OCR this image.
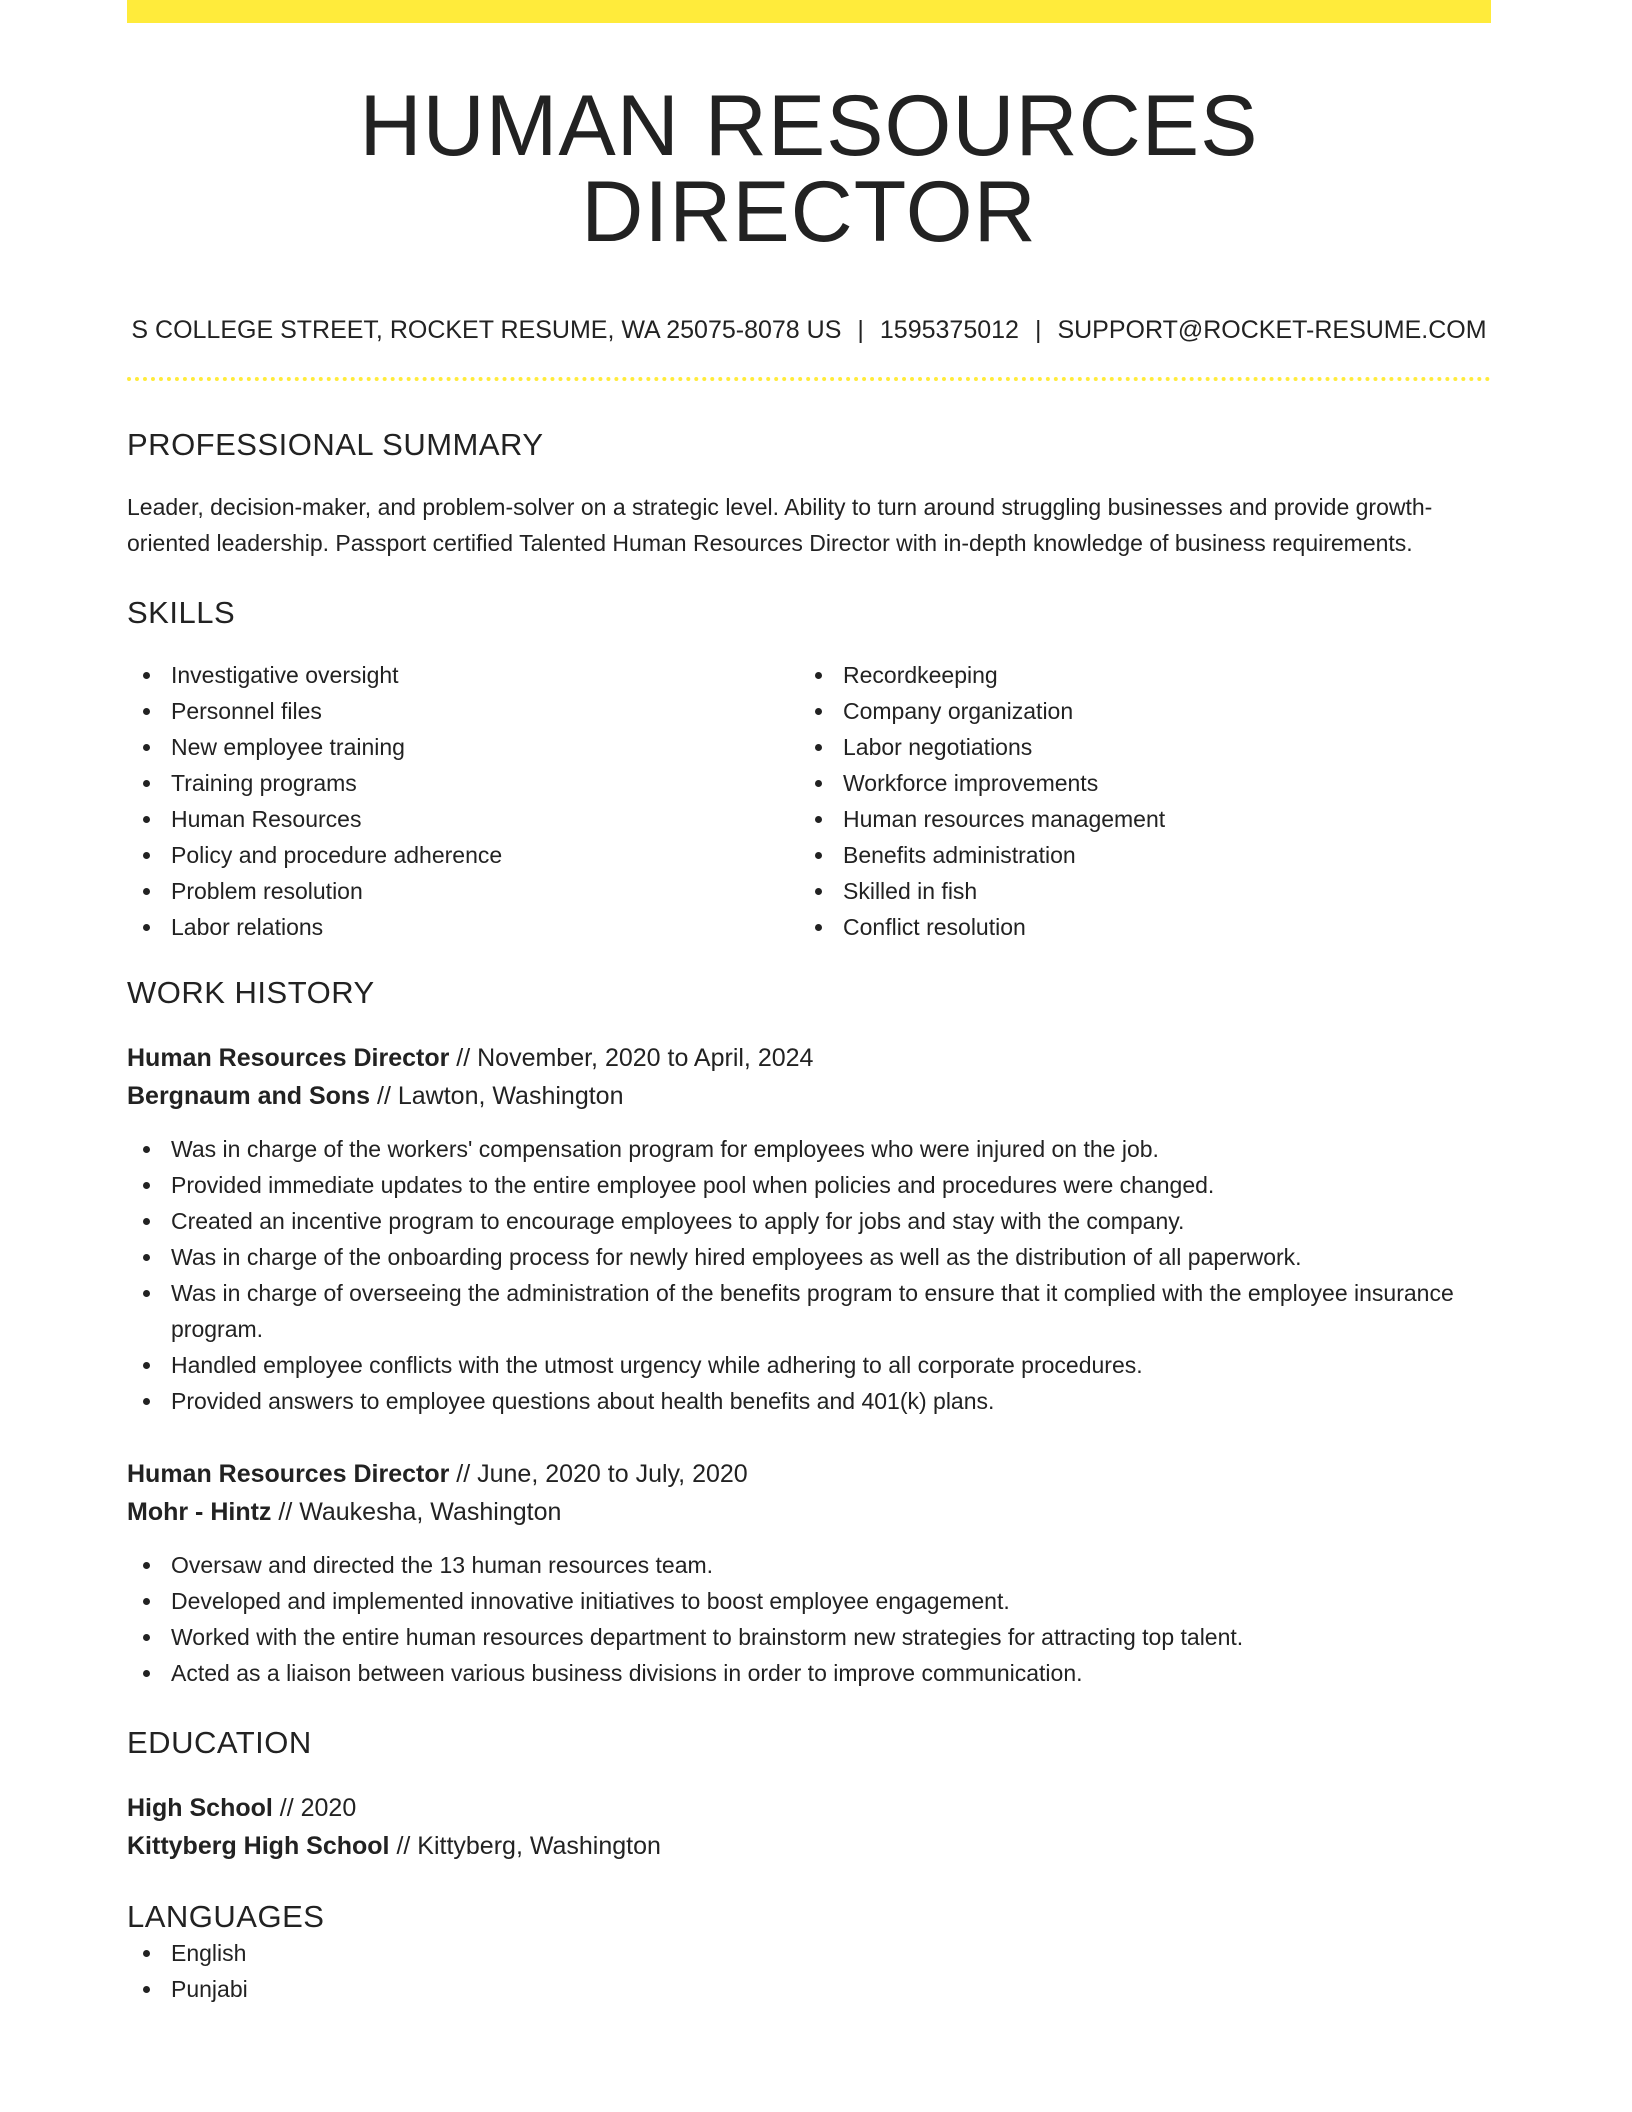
HUMAN RESOURCES DIRECTOR
S COLLEGE STREET, ROCKET RESUME, WA 25075-8078 US | 1595375012 | SUPPORT@ROCKET-RESUME.COM
PROFESSIONAL SUMMARY

Leader, decision-maker, and problem-solver on a strategic level. Ability to turn around struggling businesses and provide growth-oriented leadership. Passport certified Talented Human Resources Director with in-depth knowledge of business requirements.

SKILLS
Investigative oversight
Personnel files
New employee training
Training programs
Human Resources
Policy and procedure adherence
Problem resolution
Labor relations
Recordkeeping
Company organization
Labor negotiations
Workforce improvements
Human resources management
Benefits administration
Skilled in fish
Conflict resolution
WORK HISTORY
Human Resources Director // November, 2020 to April, 2024
Bergnaum and Sons // Lawton, Washington
Was in charge of the workers' compensation program for employees who were injured on the job.
Provided immediate updates to the entire employee pool when policies and procedures were changed.
Created an incentive program to encourage employees to apply for jobs and stay with the company.
Was in charge of the onboarding process for newly hired employees as well as the distribution of all paperwork.
Was in charge of overseeing the administration of the benefits program to ensure that it complied with the employee insurance program.
Handled employee conflicts with the utmost urgency while adhering to all corporate procedures.
Provided answers to employee questions about health benefits and 401(k) plans.
Human Resources Director // June, 2020 to July, 2020
Mohr - Hintz // Waukesha, Washington
Oversaw and directed the 13 human resources team.
Developed and implemented innovative initiatives to boost employee engagement.
Worked with the entire human resources department to brainstorm new strategies for attracting top talent.
Acted as a liaison between various business divisions in order to improve communication.
EDUCATION
High School // 2020
Kittyberg High School // Kittyberg, Washington
LANGUAGES
English
Punjabi
